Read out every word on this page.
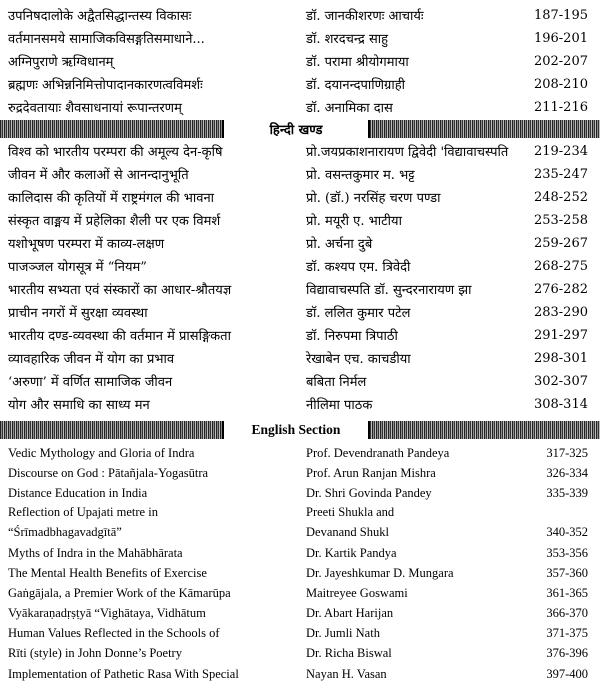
उपनिषदालोके अद्वैतसिद्धान्तस्य विकासः	डॉ. जानकीशरणः आचार्यः	187-195
वर्तमानसमये सामाजिकविसङ्गतिसमाधाने...	डॉ. शरदचन्द्र साहु	196-201
अग्निपुराणे ऋग्विधानम्	डॉ. परामा श्रीयोगमाया	202-207
ब्रह्मणः अभिन्ननिमित्तोपादानकारणत्वविमर्शः	डॉ. दयानन्दपाणिग्राही	208-210
रुद्रदेवतायाः शैवसाधनायां रूपान्तरणम्	डॉ. अनामिका दास	211-216
हिन्दी खण्ड
विश्व को भारतीय परम्परा की अमूल्य देन-कृषि	प्रो.जयप्रकाशनारायण द्विवेदी 'विद्यावाचस्पति 219-234
जीवन में और कलाओं से आनन्दानुभूति	प्रो. वसन्तकुमार म. भट्ट	235-247
कालिदास की कृतियों में राष्ट्रमंगल की भावना	प्रो. (डॉ.) नरसिंह चरण पण्डा	248-252
संस्कृत वाङ्मय में प्रहेलिका शैली पर एक विमर्श	प्रो. मयूरी ए. भाटीया	253-258
यशोभूषण परम्परा में काव्य-लक्षण	प्रो. अर्चना दुबे	259-267
पाजञ्जल योगसूत्र में “नियम”	डॉ. कश्यप एम. त्रिवेदी	268-275
भारतीय सभ्यता एवं संस्कारों का आधार-श्रौतयज्ञ	विद्यावाचस्पति डॉ. सुन्दरनारायण झा	276-282
प्राचीन नगरों में सुरक्षा व्यवस्था	डॉ. ललित कुमार पटेल	283-290
भारतीय दण्ड-व्यवस्था की वर्तमान में प्रासङ्गिकता	डॉ. निरुपमा त्रिपाठी	291-297
व्यावहारिक जीवन में योग का प्रभाव	रेखाबेन एच. काचडीया	298-301
‘अरुणा’ में वर्णित सामाजिक जीवन	बबिता निर्मल	302-307
योग और समाधि का साध्य मन	नीलिमा पाठक	308-314
English Section
Vedic Mythology and Gloria of Indra	Prof. Devendranath Pandeya	317-325
Discourse on God : Pātañjala-Yogasūtra	Prof. Arun Ranjan Mishra	326-334
Distance Education in India	Dr. Shri Govinda Pandey	335-339
Reflection of Upajati metre in	Preeti Shukla and
“Śrīmadbhagavadgītā”	Devanand Shukl	340-352
Myths of Indra in the Mahābhārata	Dr. Kartik Pandya	353-356
The Mental Health Benefits of Exercise	Dr. Jayeshkumar D. Mungara	357-360
Gaṅgājala, a Premier Work of the Kāmarūpa	Maitreyee Goswami	361-365
Vyākaraṇadṛṣṭyā “Vighātaya, Vidhātum	Dr. Abart Harijan	366-370
Human Values Reflected in the Schools of	Dr. Jumli Nath	371-375
Rīti (style) in John Donne’s Poetry	Dr. Richa Biswal	376-396
Implementation of Pathetic Rasa With Special	Nayan H. Vasan	397-400
